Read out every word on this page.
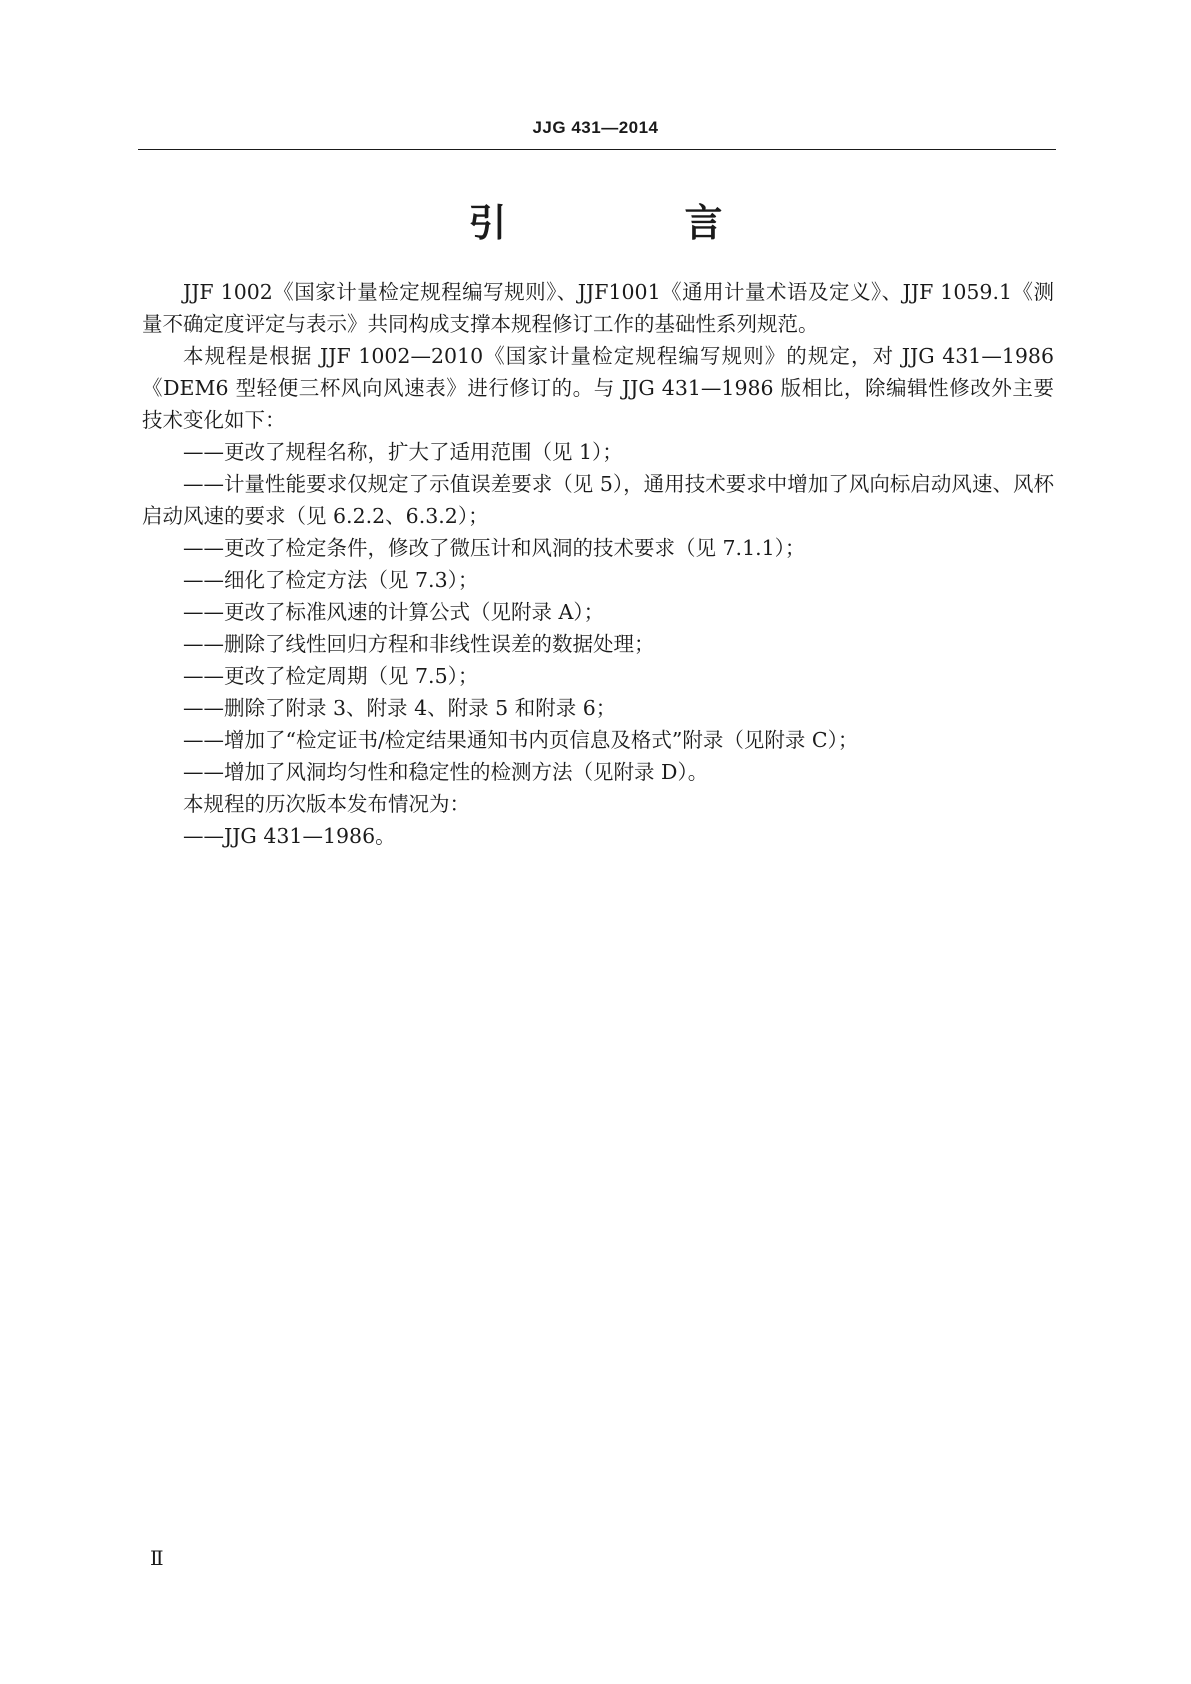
JJG 431—2014
引　言

JJF 1002《国家计量检定规程编写规则》、JJF1001《通用计量术语及定义》、JJF 1059.1《测量不确定度评定与表示》共同构成支撑本规程修订工作的基础性系列规范。

本规程是根据 JJF 1002—2010《国家计量检定规程编写规则》的规定，对 JJG 431—1986《DEM6 型轻便三杯风向风速表》进行修订的。与 JJG 431—1986 版相比，除编辑性修改外主要技术变化如下：

——更改了规程名称，扩大了适用范围（见 1）；

——计量性能要求仅规定了示值误差要求（见 5），通用技术要求中增加了风向标启动风速、风杯启动风速的要求（见 6.2.2、6.3.2）；

——更改了检定条件，修改了微压计和风洞的技术要求（见 7.1.1）；

——细化了检定方法（见 7.3）；

——更改了标准风速的计算公式（见附录 A）；

——删除了线性回归方程和非线性误差的数据处理；

——更改了检定周期（见 7.5）；

——删除了附录 3、附录 4、附录 5 和附录 6；

——增加了“检定证书/检定结果通知书内页信息及格式”附录（见附录 C）；

——增加了风洞均匀性和稳定性的检测方法（见附录 D）。

本规程的历次版本发布情况为：

——JJG 431—1986。

Ⅱ
